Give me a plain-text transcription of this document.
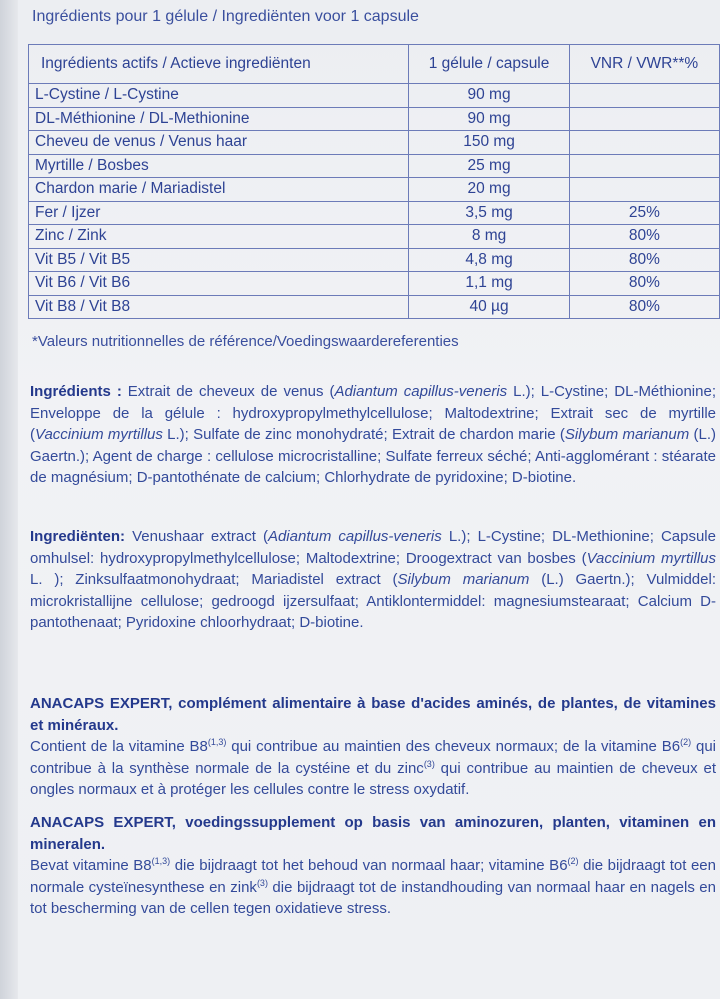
Ingrédients pour 1 gélule / Ingrediënten voor 1 capsule
Ingrédients actifs / Actieve ingrediënten	1 gélule / capsule	VNR / VWR**%
L-Cystine / L-Cystine	90 mg	
DL-Méthionine / DL-Methionine	90 mg	
Cheveu de venus / Venus haar	150 mg	
Myrtille / Bosbes	25 mg	
Chardon marie / Mariadistel	20 mg	
Fer / Ijzer	3,5 mg	25%
Zinc / Zink	8 mg	80%
Vit B5 / Vit B5	4,8 mg	80%
Vit B6 / Vit B6	1,1 mg	80%
Vit B8 / Vit B8	40 µg	80%
*Valeurs nutritionnelles de référence/Voedingswaardereferenties
Ingrédients : Extrait de cheveux de venus (Adiantum capillus-veneris L.); L-Cystine; DL-Méthionine; Enveloppe de la gélule : hydroxypropylmethylcellulose; Maltodextrine; Extrait sec de myrtille (Vaccinium myrtillus L.); Sulfate de zinc monohydraté; Extrait de chardon marie (Silybum marianum (L.) Gaertn.); Agent de charge : cellulose microcristalline; Sulfate ferreux séché; Anti-agglomérant : stéarate de magnésium; D-pantothénate de calcium; Chlorhydrate de pyridoxine; D-biotine.
Ingrediënten: Venushaar extract (Adiantum capillus-veneris L.); L-Cystine; DL-Methionine; Capsule omhulsel: hydroxypropylmethylcellulose; Maltodextrine; Droogextract van bosbes (Vaccinium myrtillus L. ); Zinksulfaatmonohydraat; Mariadistel extract (Silybum marianum (L.) Gaertn.); Vulmiddel: microkristallijne cellulose; gedroogd ijzersulfaat; Antiklontermiddel: magnesiumstearaat; Calcium D-pantothenaat; Pyridoxine chloorhydraat; D-biotine.
ANACAPS EXPERT, complément alimentaire à base d'acides aminés, de plantes, de vitamines et minéraux.
Contient de la vitamine B8$^{(1,3)}$ qui contribue au maintien des cheveux normaux; de la vitamine B6$^{(2)}$ qui contribue à la synthèse normale de la cystéine et du zinc$^{(3)}$ qui contribue au maintien de cheveux et ongles normaux et à protéger les cellules contre le stress oxydatif.
ANACAPS EXPERT, voedingssupplement op basis van aminozuren, planten, vitaminen en mineralen.
Bevat vitamine B8$^{(1,3)}$ die bijdraagt tot het behoud van normaal haar; vitamine B6$^{(2)}$ die bijdraagt tot een normale cysteïnesynthese en zink$^{(3)}$ die bijdraagt tot de instandhouding van normaal haar en nagels en tot bescherming van de cellen tegen oxidatieve stress.
